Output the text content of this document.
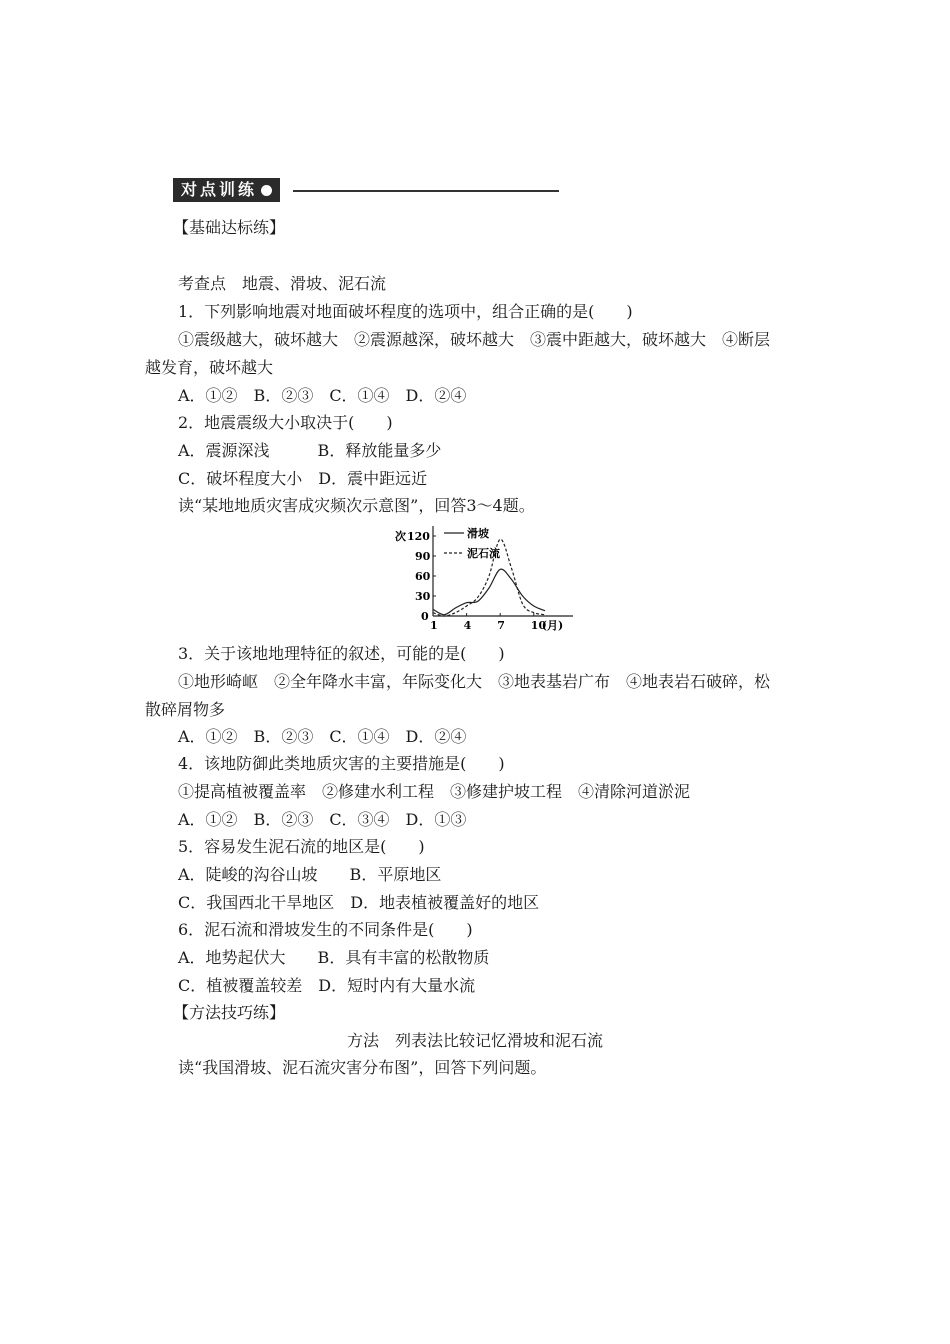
对点训练
【基础达标练】
考查点　地震、滑坡、泥石流
1．下列影响地震对地面破坏程度的选项中，组合正确的是(　　)
①震级越大，破坏越大　②震源越深，破坏越大　③震中距越大，破坏越大　④断层
越发育，破坏越大
A．①②　B．②③　C．①④　D．②④
2．地震震级大小取决于(　　)
A．震源深浅　　　B．释放能量多少
C．破坏程度大小　D．震中距远近
读“某地地质灾害成灾频次示意图”，回答3～4题。
次
0
30
60
90
120
1 4 7 10
(月)
滑坡
泥石流
3．关于该地地理特征的叙述，可能的是(　　)
①地形崎岖　②全年降水丰富，年际变化大　③地表基岩广布　④地表岩石破碎，松
散碎屑物多
A．①②　B．②③　C．①④　D．②④
4．该地防御此类地质灾害的主要措施是(　　)
①提高植被覆盖率　②修建水利工程　③修建护坡工程　④清除河道淤泥
A．①②　B．②③　C．③④　D．①③
5．容易发生泥石流的地区是(　　)
A．陡峻的沟谷山坡　　B．平原地区
C．我国西北干旱地区　D．地表植被覆盖好的地区
6．泥石流和滑坡发生的不同条件是(　　)
A．地势起伏大　　B．具有丰富的松散物质
C．植被覆盖较差　D．短时内有大量水流
【方法技巧练】
方法　列表法比较记忆滑坡和泥石流
读“我国滑坡、泥石流灾害分布图”，回答下列问题。
